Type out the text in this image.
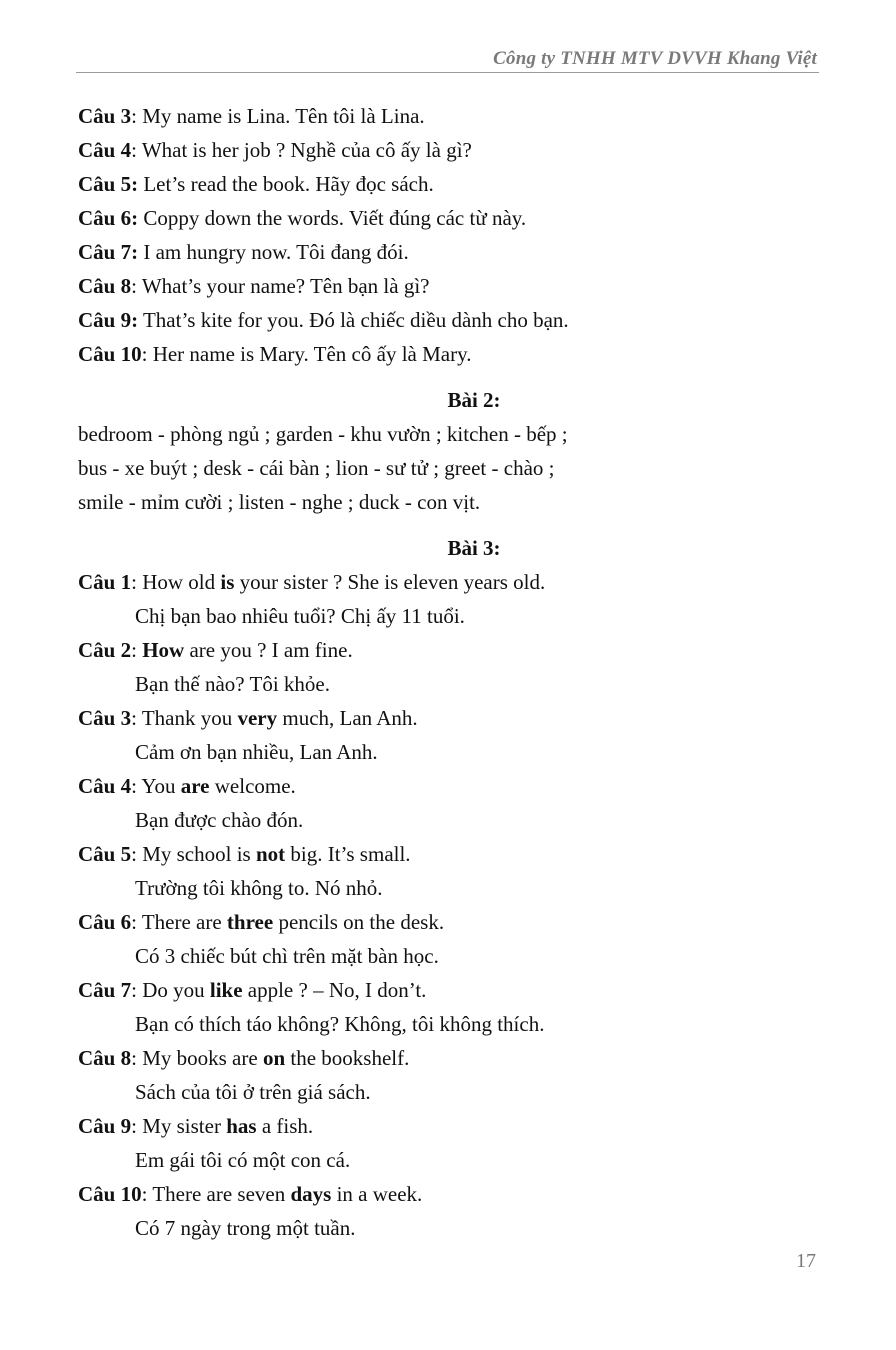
Công ty TNHH MTV DVVH Khang Việt
Câu 3: My name is Lina. Tên tôi là Lina.
Câu 4: What is her job ? Nghề của cô ấy là gì?
Câu 5: Let’s read the book. Hãy đọc sách.
Câu 6: Coppy down the words. Viết đúng các từ này.
Câu 7: I am hungry now. Tôi đang đói.
Câu 8: What’s your name? Tên bạn là gì?
Câu 9: That’s kite for you. Đó là chiếc diều dành cho bạn.
Câu 10: Her name is Mary. Tên cô ấy là Mary.
Bài 2:
bedroom - phòng ngủ ; garden - khu vườn ; kitchen - bếp ;
bus - xe buýt ; desk - cái bàn ; lion - sư tử ; greet - chào ;
smile - mỉm cười ; listen - nghe ; duck - con vịt.
Bài 3:
Câu 1: How old is your sister ? She is eleven years old.
Chị bạn bao nhiêu tuổi? Chị ấy 11 tuổi.
Câu 2: How are you ? I am fine.
Bạn thế nào? Tôi khỏe.
Câu 3: Thank you very much, Lan Anh.
Cảm ơn bạn nhiều, Lan Anh.
Câu 4: You are welcome.
Bạn được chào đón.
Câu 5: My school is not big. It’s small.
Trường tôi không to. Nó nhỏ.
Câu 6: There are three pencils on the desk.
Có 3 chiếc bút chì trên mặt bàn học.
Câu 7: Do you like apple ? – No, I don’t.
Bạn có thích táo không? Không, tôi không thích.
Câu 8: My books are on the bookshelf.
Sách của tôi ở trên giá sách.
Câu 9: My sister has a fish.
Em gái tôi có một con cá.
Câu 10: There are seven days in a week.
Có 7 ngày trong một tuần.
17
